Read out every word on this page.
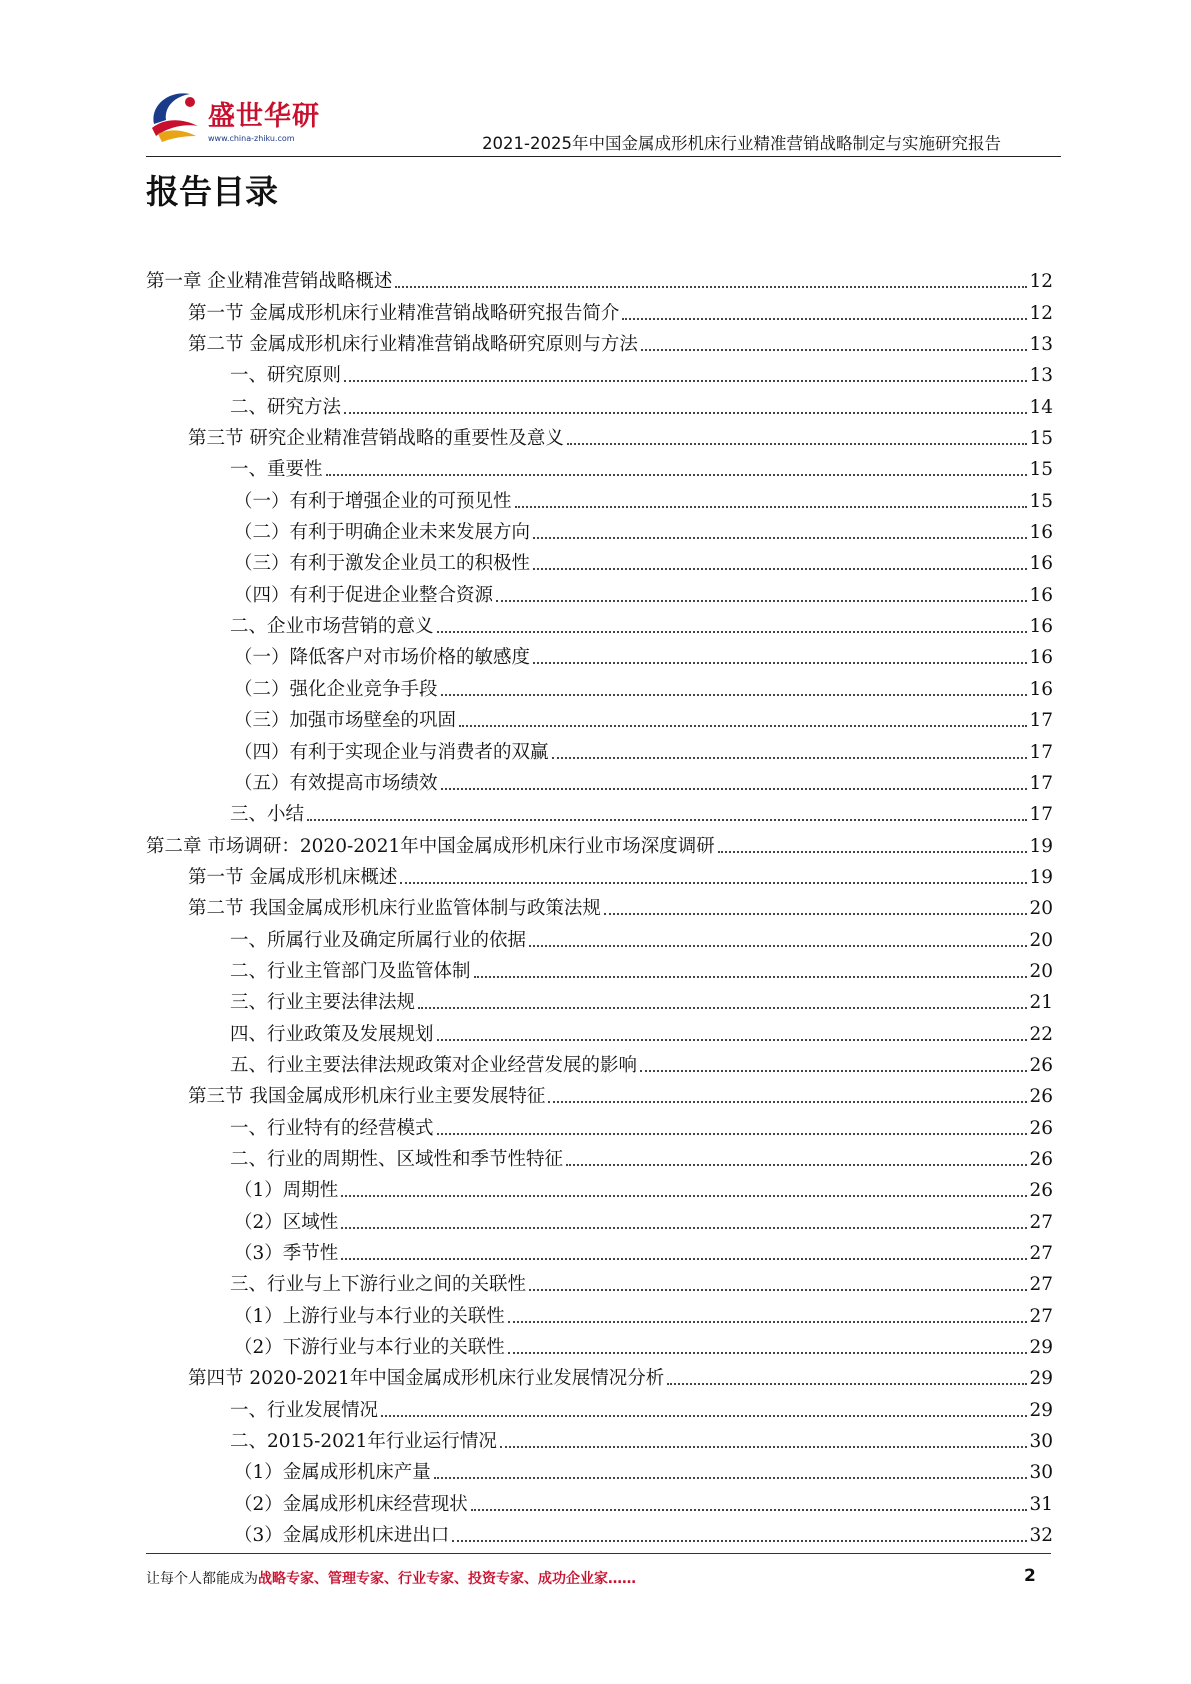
盛世华研
www.china-zhiku.com	2021-2025年中国金属成形机床行业精准营销战略制定与实施研究报告
报告目录
第一章 企业精准营销战略概述	12
第一节 金属成形机床行业精准营销战略研究报告简介	12
第二节 金属成形机床行业精准营销战略研究原则与方法	13
一、研究原则	13
二、研究方法	14
第三节 研究企业精准营销战略的重要性及意义	15
一、重要性	15
（一）有利于增强企业的可预见性	15
（二）有利于明确企业未来发展方向	16
（三）有利于激发企业员工的积极性	16
（四）有利于促进企业整合资源	16
二、企业市场营销的意义	16
（一）降低客户对市场价格的敏感度	16
（二）强化企业竞争手段	16
（三）加强市场壁垒的巩固	17
（四）有利于实现企业与消费者的双赢	17
（五）有效提高市场绩效	17
三、小结	17
第二章 市场调研：2020-2021年中国金属成形机床行业市场深度调研	19
第一节 金属成形机床概述	19
第二节 我国金属成形机床行业监管体制与政策法规	20
一、所属行业及确定所属行业的依据	20
二、行业主管部门及监管体制	20
三、行业主要法律法规	21
四、行业政策及发展规划	22
五、行业主要法律法规政策对企业经营发展的影响	26
第三节 我国金属成形机床行业主要发展特征	26
一、行业特有的经营模式	26
二、行业的周期性、区域性和季节性特征	26
（1）周期性	26
（2）区域性	27
（3）季节性	27
三、行业与上下游行业之间的关联性	27
（1）上游行业与本行业的关联性	27
（2）下游行业与本行业的关联性	29
第四节 2020-2021年中国金属成形机床行业发展情况分析	29
一、行业发展情况	29
二、2015-2021年行业运行情况	30
（1）金属成形机床产量	30
（2）金属成形机床经营现状	31
（3）金属成形机床进出口	32
让每个人都能成为战略专家、管理专家、行业专家、投资专家、成功企业家……	2
